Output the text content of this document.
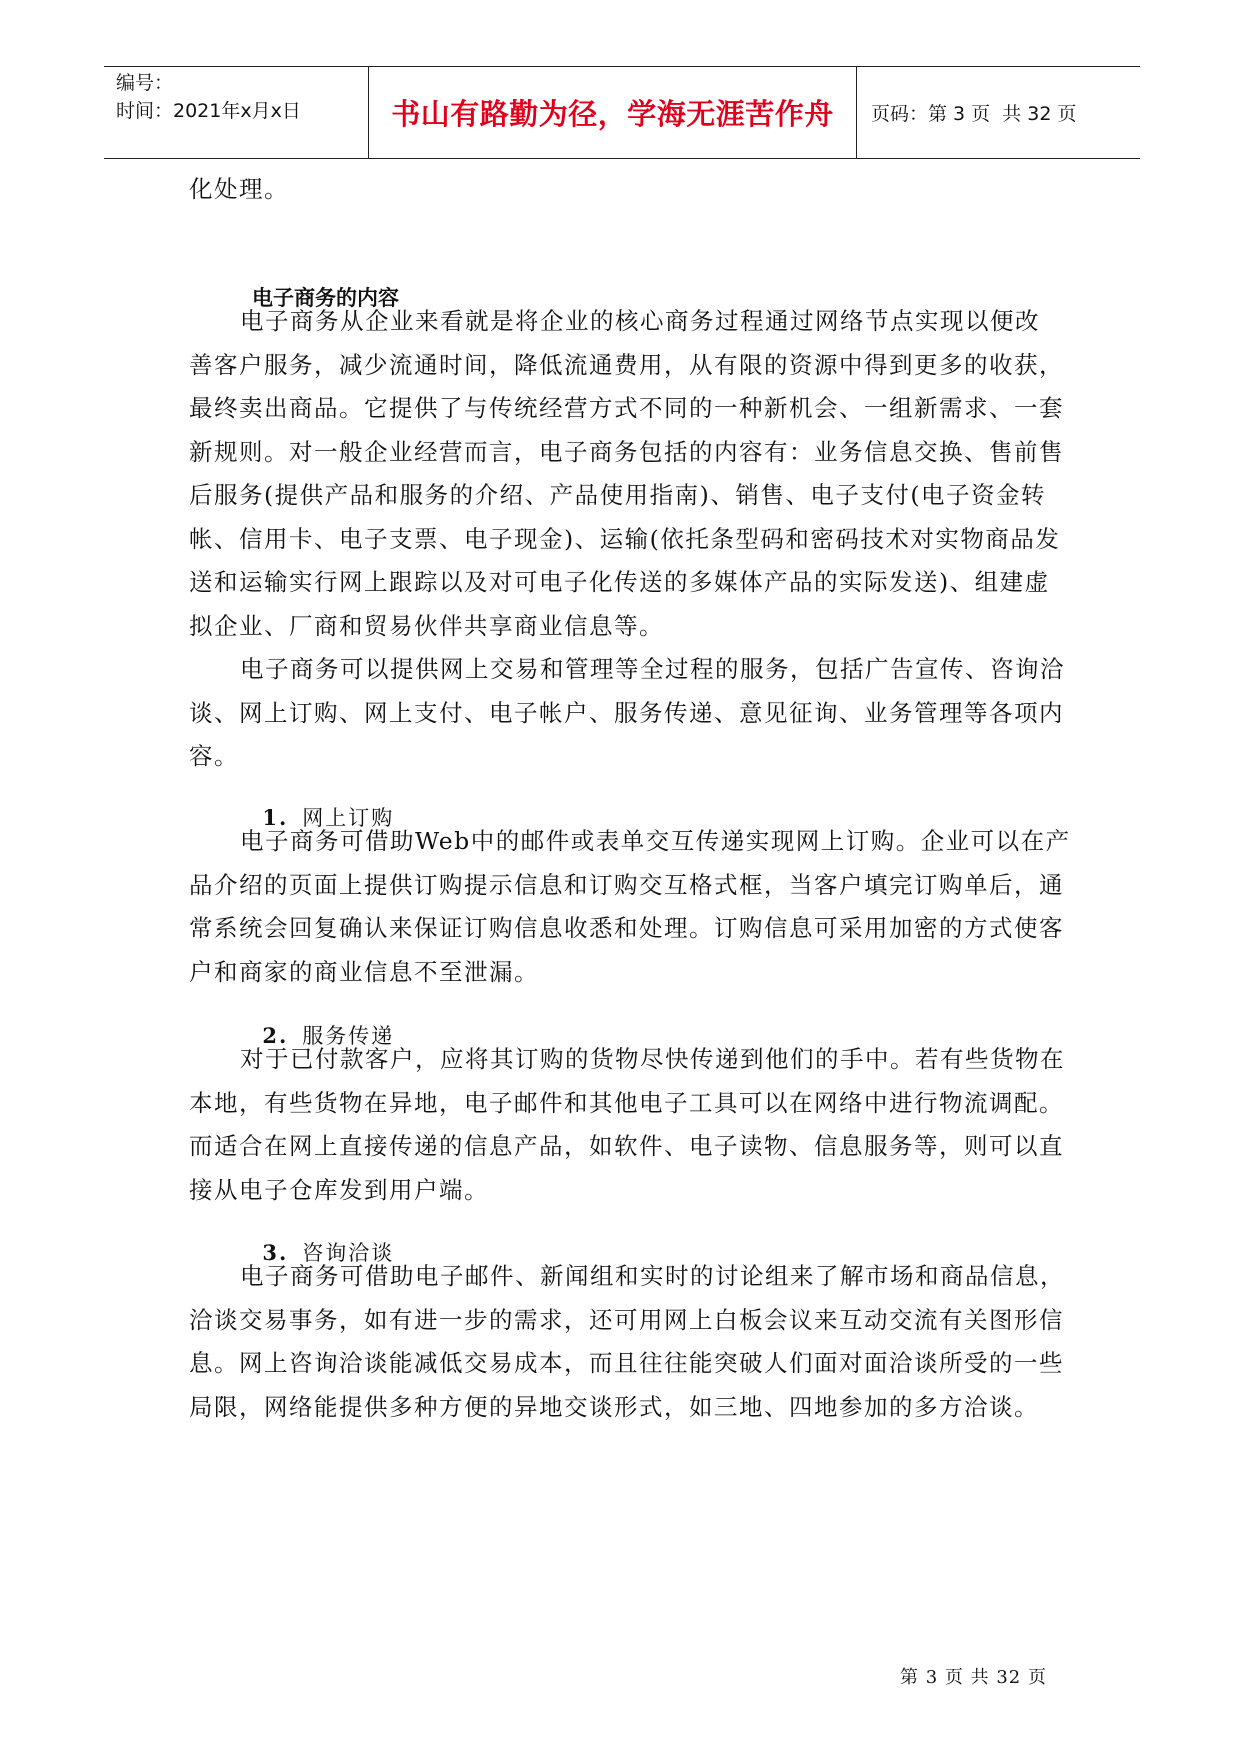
编号：
时间：2021年x月x日	书山有路勤为径，学海无涯苦作舟	页码：第 3 页  共 32 页
化处理。
电子商务的内容
电子商务从企业来看就是将企业的核心商务过程通过网络节点实现以便改
善客户服务，减少流通时间，降低流通费用，从有限的资源中得到更多的收获，
最终卖出商品。它提供了与传统经营方式不同的一种新机会、一组新需求、一套
新规则。对一般企业经营而言，电子商务包括的内容有：业务信息交换、售前售
后服务(提供产品和服务的介绍、产品使用指南)、销售、电子支付(电子资金转
帐、信用卡、电子支票、电子现金)、运输(依托条型码和密码技术对实物商品发
送和运输实行网上跟踪以及对可电子化传送的多媒体产品的实际发送)、组建虚
拟企业、厂商和贸易伙伴共享商业信息等。
电子商务可以提供网上交易和管理等全过程的服务，包括广告宣传、咨询洽
谈、网上订购、网上支付、电子帐户、服务传递、意见征询、业务管理等各项内
容。
电子商务可借助Web中的邮件或表单交互传递实现网上订购。企业可以在产
品介绍的页面上提供订购提示信息和订购交互格式框，当客户填完订购单后，通
常系统会回复确认来保证订购信息收悉和处理。订购信息可采用加密的方式使客
户和商家的商业信息不至泄漏。
对于已付款客户，应将其订购的货物尽快传递到他们的手中。若有些货物在
本地，有些货物在异地，电子邮件和其他电子工具可以在网络中进行物流调配。
而适合在网上直接传递的信息产品，如软件、电子读物、信息服务等，则可以直
接从电子仓库发到用户端。
电子商务可借助电子邮件、新闻组和实时的讨论组来了解市场和商品信息，
洽谈交易事务，如有进一步的需求，还可用网上白板会议来互动交流有关图形信
息。网上咨询洽谈能减低交易成本，而且往往能突破人们面对面洽谈所受的一些
局限，网络能提供多种方便的异地交谈形式，如三地、四地参加的多方洽谈。

1. 网上订购

2. 服务传递

3. 咨询洽谈

第 3 页 共 32 页
